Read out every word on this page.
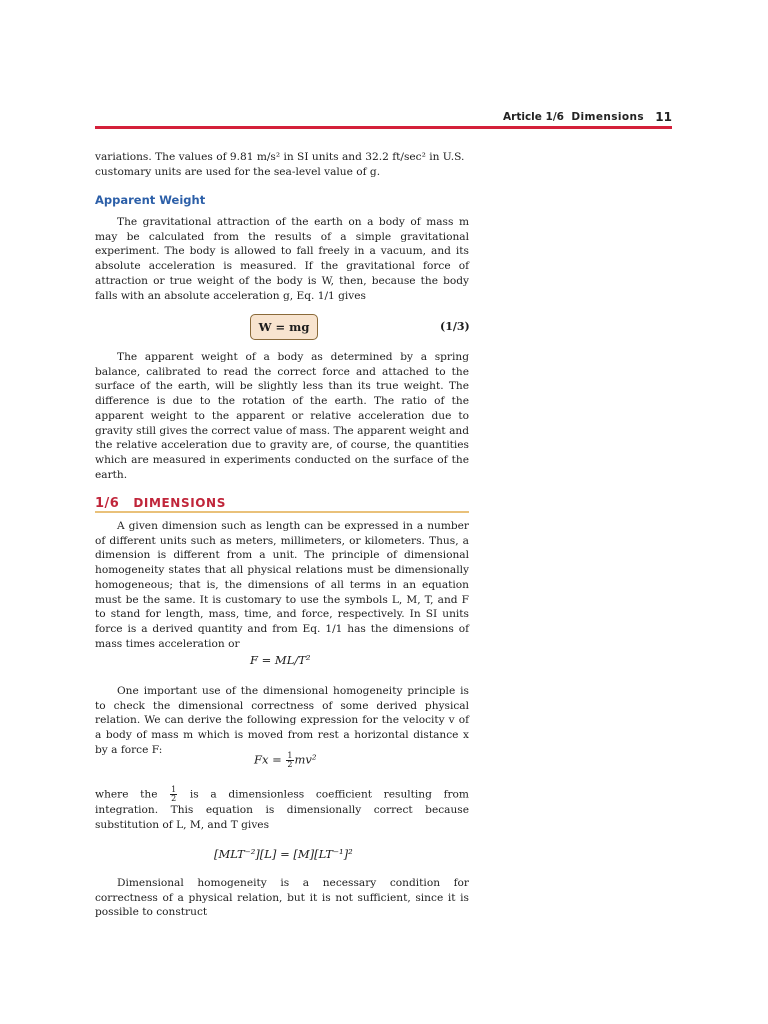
Article 1/6 Dimensions 11

variations. The values of 9.81 m/s² in SI units and 32.2 ft/sec² in U.S.

customary units are used for the sea-level value of g.

Apparent Weight

The gravitational attraction of the earth on a body of mass m may be calculated from the results of a simple gravitational experiment. The body is allowed to fall freely in a vacuum, and its absolute acceleration is measured. If the gravitational force of attraction or true weight of the body is W, then, because the body falls with an absolute acceleration g, Eq. 1/1 gives

W = mg	(1/3)

The apparent weight of a body as determined by a spring balance, calibrated to read the correct force and attached to the surface of the earth, will be slightly less than its true weight. The difference is due to the rotation of the earth. The ratio of the apparent weight to the apparent or relative acceleration due to gravity still gives the correct value of mass. The apparent weight and the relative acceleration due to gravity are, of course, the quantities which are measured in experiments conducted on the surface of the earth.

1/6 DIMENSIONS

A given dimension such as length can be expressed in a number of different units such as meters, millimeters, or kilometers. Thus, a dimension is different from a unit. The principle of dimensional homogeneity states that all physical relations must be dimensionally homogeneous; that is, the dimensions of all terms in an equation must be the same. It is customary to use the symbols L, M, T, and F to stand for length, mass, time, and force, respectively. In SI units force is a derived quantity and from Eq. 1/1 has the dimensions of mass times acceleration or

F = ML/T²

One important use of the dimensional homogeneity principle is to check the dimensional correctness of some derived physical relation. We can derive the following expression for the velocity v of a body of mass m which is moved from rest a horizontal distance x by a force F:

$Fx = \frac{1}{2} mv^2$

where the $\frac{1}{2}$ is a dimensionless coefficient resulting from integration. This equation is dimensionally correct because substitution of L, M, and T gives

[MLT⁻²][L] = [M][LT⁻¹]²

Dimensional homogeneity is a necessary condition for correctness of a physical relation, but it is not sufficient, since it is possible to construct
